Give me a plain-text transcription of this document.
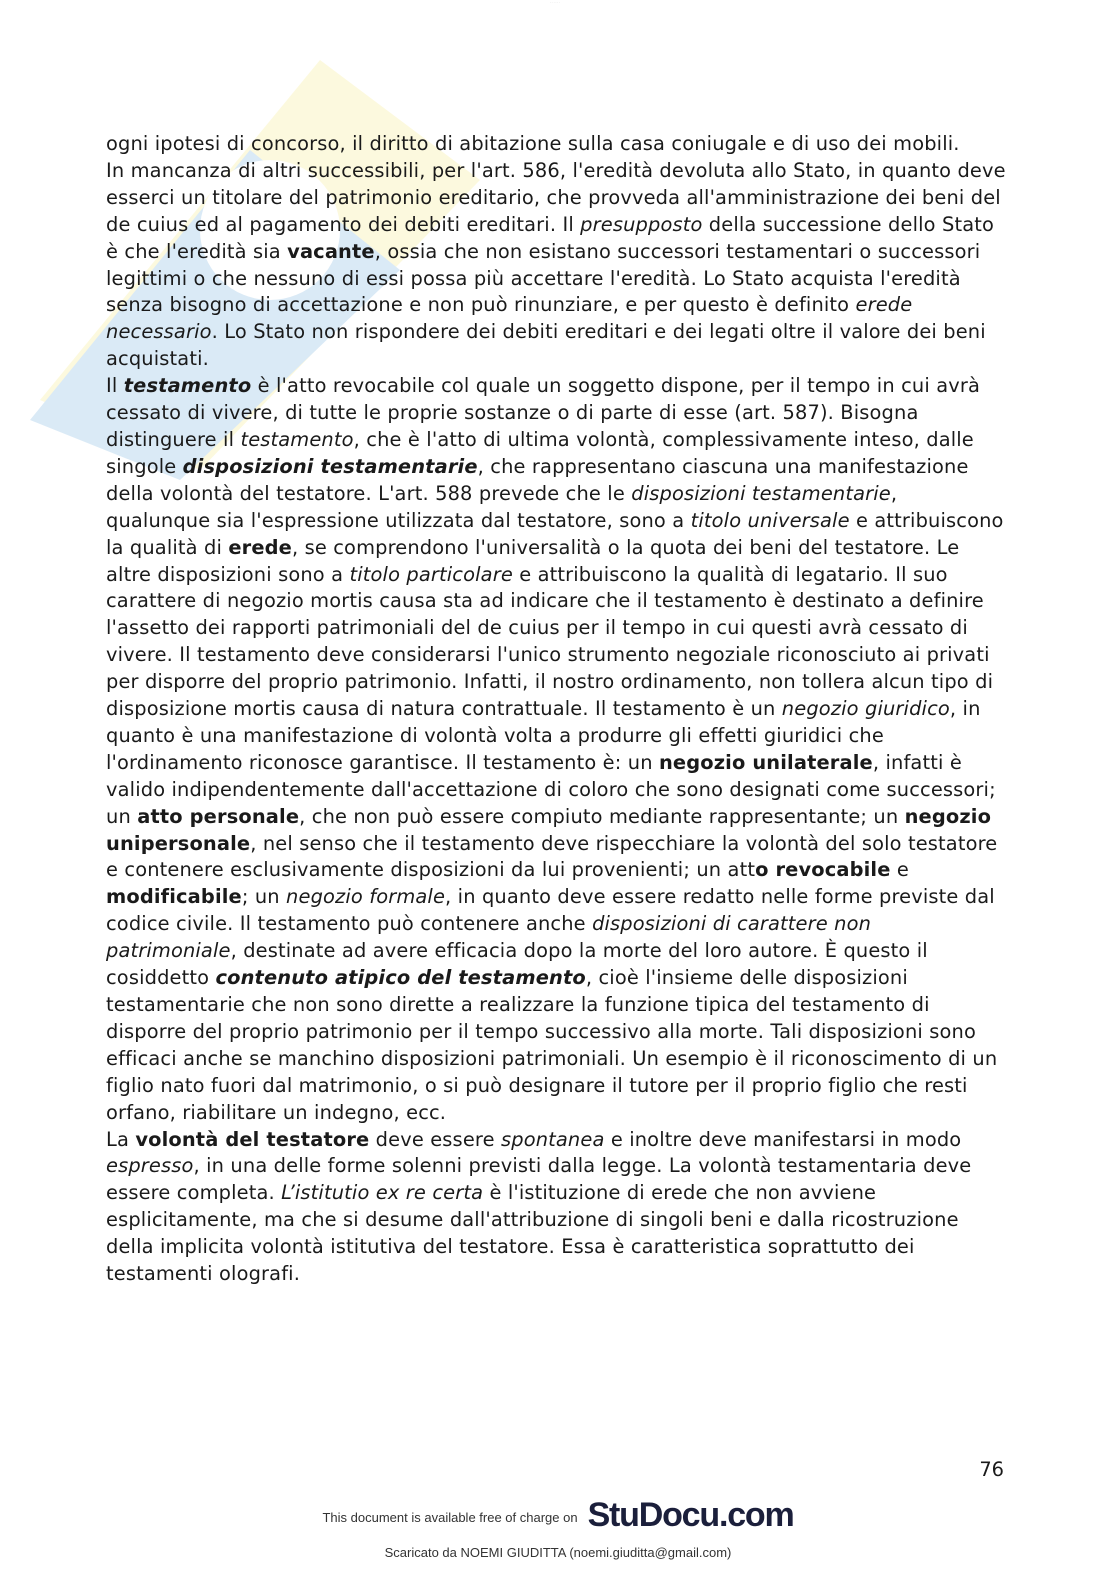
· · · · · ·

ogni ipotesi di concorso, il diritto di abitazione sulla casa coniugale e di uso dei mobili.

In mancanza di altri successibili, per l'art. 586, l'eredità devoluta allo Stato, in quanto deve esserci un titolare del patrimonio ereditario, che provveda all'amministrazione dei beni del de cuius ed al pagamento dei debiti ereditari. Il presupposto della successione dello Stato è che l'eredità sia vacante, ossia che non esistano successori testamentari o successori legittimi o che nessuno di essi possa più accettare l'eredità. Lo Stato acquista l'eredità senza bisogno di accettazione e non può rinunziare, e per questo è definito erede necessario. Lo Stato non rispondere dei debiti ereditari e dei legati oltre il valore dei beni acquistati.

Il testamento è l'atto revocabile col quale un soggetto dispone, per il tempo in cui avrà cessato di vivere, di tutte le proprie sostanze o di parte di esse (art. 587). Bisogna distinguere il testamento, che è l'atto di ultima volontà, complessivamente inteso, dalle singole disposizioni testamentarie, che rappresentano ciascuna una manifestazione della volontà del testatore. L'art. 588 prevede che le disposizioni testamentarie, qualunque sia l'espressione utilizzata dal testatore, sono a titolo universale e attribuiscono la qualità di erede, se comprendono l'universalità o la quota dei beni del testatore. Le altre disposizioni sono a titolo particolare e attribuiscono la qualità di legatario. Il suo carattere di negozio mortis causa sta ad indicare che il testamento è destinato a definire l'assetto dei rapporti patrimoniali del de cuius per il tempo in cui questi avrà cessato di vivere. Il testamento deve considerarsi l'unico strumento negoziale riconosciuto ai privati per disporre del proprio patrimonio. Infatti, il nostro ordinamento, non tollera alcun tipo di disposizione mortis causa di natura contrattuale. Il testamento è un negozio giuridico, in quanto è una manifestazione di volontà volta a produrre gli effetti giuridici che l'ordinamento riconosce garantisce. Il testamento è: un negozio unilaterale, infatti è valido indipendentemente dall'accettazione di coloro che sono designati come successori; un atto personale, che non può essere compiuto mediante rappresentante; un negozio unipersonale, nel senso che il testamento deve rispecchiare la volontà del solo testatore e contenere esclusivamente disposizioni da lui provenienti; un atto revocabile e modificabile; un negozio formale, in quanto deve essere redatto nelle forme previste dal codice civile. Il testamento può contenere anche disposizioni di carattere non patrimoniale, destinate ad avere efficacia dopo la morte del loro autore. È questo il cosiddetto contenuto atipico del testamento, cioè l'insieme delle disposizioni testamentarie che non sono dirette a realizzare la funzione tipica del testamento di disporre del proprio patrimonio per il tempo successivo alla morte. Tali disposizioni sono efficaci anche se manchino disposizioni patrimoniali. Un esempio è il riconoscimento di un figlio nato fuori dal matrimonio, o si può designare il tutore per il proprio figlio che resti orfano, riabilitare un indegno, ecc.

La volontà del testatore deve essere spontanea e inoltre deve manifestarsi in modo espresso, in una delle forme solenni previsti dalla legge. La volontà testamentaria deve essere completa. L’istitutio ex re certa è l'istituzione di erede che non avviene esplicitamente, ma che si desume dall'attribuzione di singoli beni e dalla ricostruzione della implicita volontà istitutiva del testatore. Essa è caratteristica soprattutto dei testamenti olografi.

76
This document is available free of charge on StuDocu.com
Scaricato da NOEMI GIUDITTA (noemi.giuditta@gmail.com)
